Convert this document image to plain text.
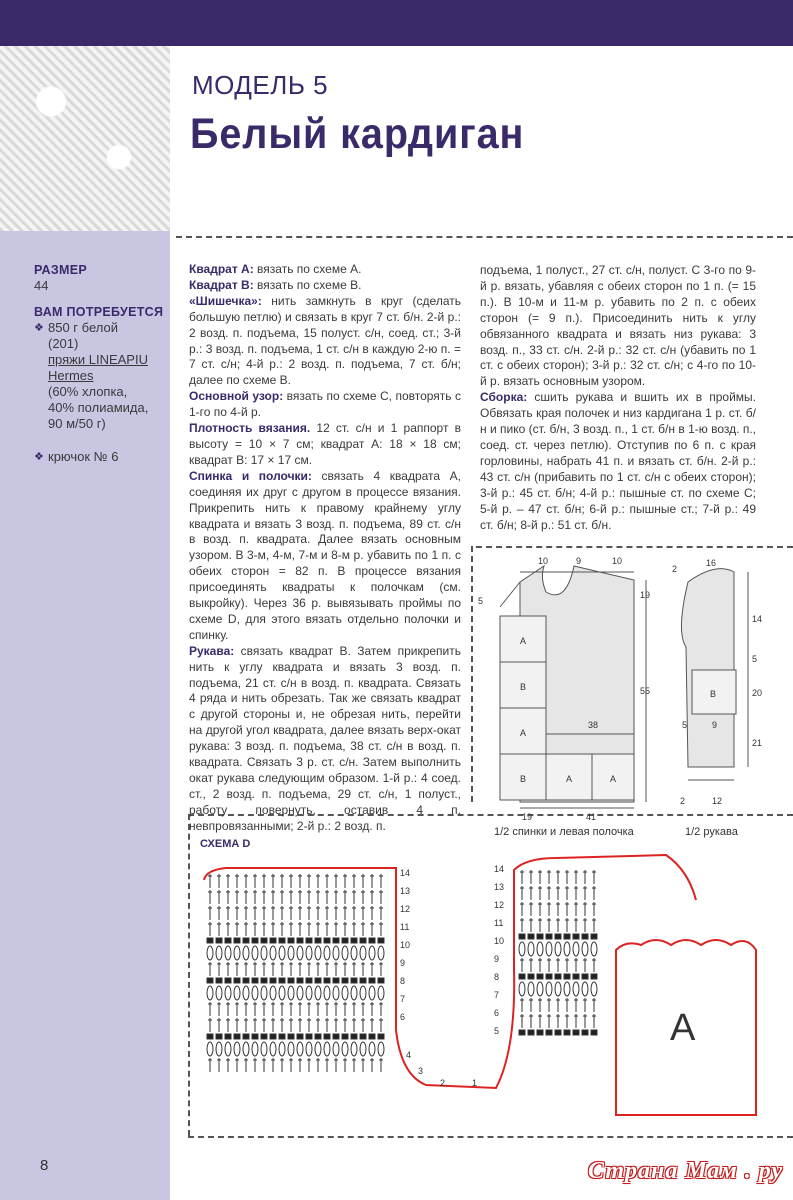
МОДЕЛЬ 5
Белый кардиган
РАЗМЕР
44
ВАМ ПОТРЕБУЕТСЯ
❖ 850 г белой
(201)
пряжи LINEAPIU
Hermes
(60% хлопка,
40% полиамида,
90 м/50 г)
❖ крючок № 6
Квадрат А: вязать по схеме А.
Квадрат В: вязать по схеме В.
«Шишечка»: нить замкнуть в круг (сделать большую петлю) и связать в круг 7 ст. б/н. 2-й р.: 2 возд. п. подъема, 15 полуст. с/н, соед. ст.; 3-й р.: 3 возд. п. подъема, 1 ст. с/н в каждую 2-ю п. = 7 ст. с/н; 4-й р.: 2 возд. п. подъема, 7 ст. б/н; далее по схеме В.
Основной узор: вязать по схеме С, повторять с 1-го по 4-й р.
Плотность вязания. 12 ст. с/н и 1 раппорт в высоту = 10 × 7 см; квадрат А: 18 × 18 см; квадрат В: 17 × 17 см.
Спинка и полочки: связать 4 квадрата А, соединяя их друг с другом в процессе вязания. Прикрепить нить к правому крайнему углу квадрата и вязать 3 возд. п. подъема, 89 ст. с/н в возд. п. квадрата. Далее вязать основным узором. В 3-м, 4-м, 7-м и 8-м р. убавить по 1 п. с обеих сторон = 82 п. В процессе вязания присоединять квадраты к полочкам (см. выкройку). Через 36 р. вывязывать проймы по схеме D, для этого вязать отдельно полочки и спинку.
Рукава: связать квадрат В. Затем прикрепить нить к углу квадрата и вязать 3 возд. п. подъема, 21 ст. с/н в возд. п. квадрата. Связать 4 ряда и нить обрезать. Так же связать квадрат с другой стороны и, не обрезая нить, перейти на другой угол квадрата, далее вязать верх-окат рукава: 3 возд. п. подъема, 38 ст. с/н в возд. п. квадрата. Связать 3 р. ст. с/н. Затем выполнить окат рукава следующим образом. 1-й р.: 4 соед. ст., 2 возд. п. подъема, 29 ст. с/н, 1 полуст., работу повернуть, оставив 4 п. невпровязанными; 2-й р.: 2 возд. п.
подъема, 1 полуст., 27 ст. с/н, полуст. С 3-го по 9-й р. вязать, убавляя с обеих сторон по 1 п. (= 15 п.). В 10-м и 11-м р. убавить по 2 п. с обеих сторон (= 9 п.). Присоединить нить к углу обвязанного квадрата и вязать низ рукава: 3 возд. п., 33 ст. с/н. 2-й р.: 32 ст. с/н (убавить по 1 ст. с обеих сторон); 3-й р.: 32 ст. с/н; с 4-го по 10-й р. вязать основным узором.
Сборка: сшить рукава и вшить их в проймы. Обвязать края полочек и низ кардигана 1 р. ст. б/н и пико (ст. б/н, 3 возд. п., 1 ст. б/н в 1-ю возд. п., соед. ст. через петлю). Отступив по 6 п. с края горловины, набрать 41 п. и вязать ст. б/н. 2-й р.: 43 ст. с/н (прибавить по 1 ст. с/н с обеих сторон); 3-й р.: 45 ст. б/н; 4-й р.: пышные ст. по схеме С; 5-й р. – 47 ст. б/н; 6-й р.: пышные ст.; 7-й р.: 49 ст. б/н; 8-й р.: 51 ст. б/н.
10	9	10
5
19
55
38
19	41
А
В
А
В	А	А
2
16
14
5
20
21
5	9
В
2	12
1/2 спинки и левая полочка	1/2 рукава
СХЕМА D
А
14
13
12
11
10
9
8
7
6
14
13
12
11
10
9
8
7
6
5
4
3
2	1
8	Страна Мам . ру
